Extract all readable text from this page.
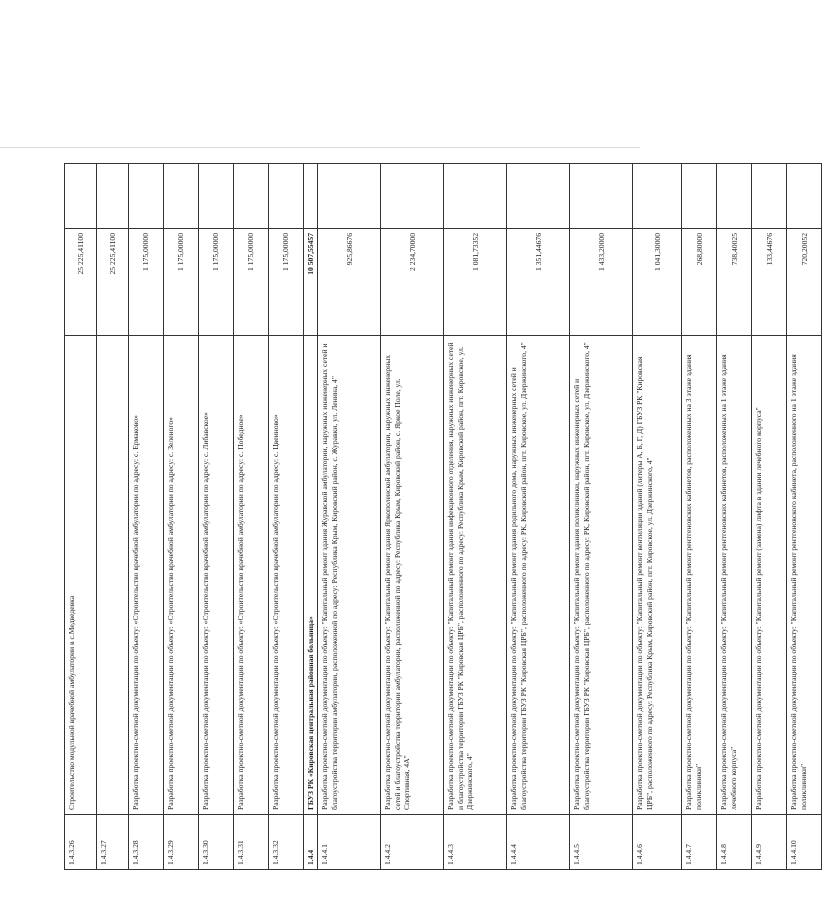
1.4.3.26	Строительство модульной врачебной амбулатории в с.Медведевка	25 225,41100	
1.4.3.27		25 225,41100	
1.4.3.28	Разработка проектно-сметной документации по объекту: «Строительство врачебной амбулатории по адресу: с. Ермаково»	1 175,00000	
1.4.3.29	Разработка проектно-сметной документации по объекту: «Строительство врачебной амбулатории по адресу: с. Зеленого»	1 175,00000	
1.4.3.30	Разработка проектно-сметной документации по объекту: «Строительство врачебной амбулатории по адресу: с. Либавское»	1 175,00000	
1.4.3.31	Разработка проектно-сметной документации по объекту: «Строительство врачебной амбулатории по адресу: с. Победное»	1 175,00000	
1.4.3.32	Разработка проектно-сметной документации по объекту: «Строительство врачебной амбулатории по адресу: с. Цвеиново»	1 175,00000	
1.4.4	ГБУЗ РК «Кировская центральная районная больница»	10 507,55457	
1.4.4.1	Разработка проектно-сметной документации по объекту: "Капитальный ремонт здания Журавской амбулатории, наружных инженерных сетей и благоустройства территории амбулатории, расположенной по адресу: Республика Крым, Кировский район, с. Журавки, ул. Ленина, 4"	925,86676	
1.4.4.2	Разработка проектно-сметной документации по объекту: "Капитальный ремонт здания Яркополенской амбулатории, наружных инженерных сетей и благоустройства территории амбулатории, расположенной по адресу: Республика Крым, Кировский район, с. Яркое Поле, ул. Спортивная, 4А"	2 234,70000	
1.4.4.3	Разработка проектно-сметной документации по объекту: "Капитальный ремонт здания инфекционного отделения, наружных инженерных сетей и благоустройства территории ГБУЗ РК "Кировская ЦРБ", расположенного по адресу: Республика Крым, Кировский район, пгт. Кировское, ул. Дзержинского, 4"	1 081,73352	
1.4.4.4	Разработка проектно-сметной документации по объекту: "Капитальный ремонт здания родильного дома, наружных инженерных сетей и благоустройства территории ГБУЗ РК "Кировская ЦРБ", расположенного по адресу: РК, Кировский район, пгт. Кировское, ул. Дзержинского, 4"	1 351,44676	
1.4.4.5	Разработка проектно-сметной документации по объекту: "Капитальный ремонт здания поликлиники, наружных инженерных сетей и благоустройства территории ГБУЗ РК "Кировская ЦРБ", расположенного по адресу: РК, Кировский район, пгт. Кировское, ул. Дзержинского, 4"	1 433,20000	
1.4.4.6	Разработка проектно-сметной документации по объекту: "Капитальный ремонт вентиляции зданий (литеры А, Б, Г, Д) ГБУЗ РК "Кировская ЦРБ", расположенного по адресу: Республика Крым, Кировский район, пгт. Кировское, ул. Дзержинского, 4"	1 041,30000	
1.4.4.7	Разработка проектно-сметной документации по объекту: "Капитальный ремонт рентгеновских кабинетов, расположенных на 3 этаже здания поликлиники"	268,80000	
1.4.4.8	Разработка проектно-сметной документации по объекту: "Капитальный ремонт рентгеновских кабинетов, расположенных на 1 этаже здания лечебного корпуса"	738,40025	
1.4.4.9	Разработка проектно-сметной документации по объекту: "Капитальный ремонт (замена) лифта в здании лечебного корпуса"	133,44676	
1.4.4.10	Разработка проектно-сметной документации по объекту: "Капитальный ремонт рентгеновского кабинета, расположенного на 1 этаже здания поликлиники"	720,20052	
